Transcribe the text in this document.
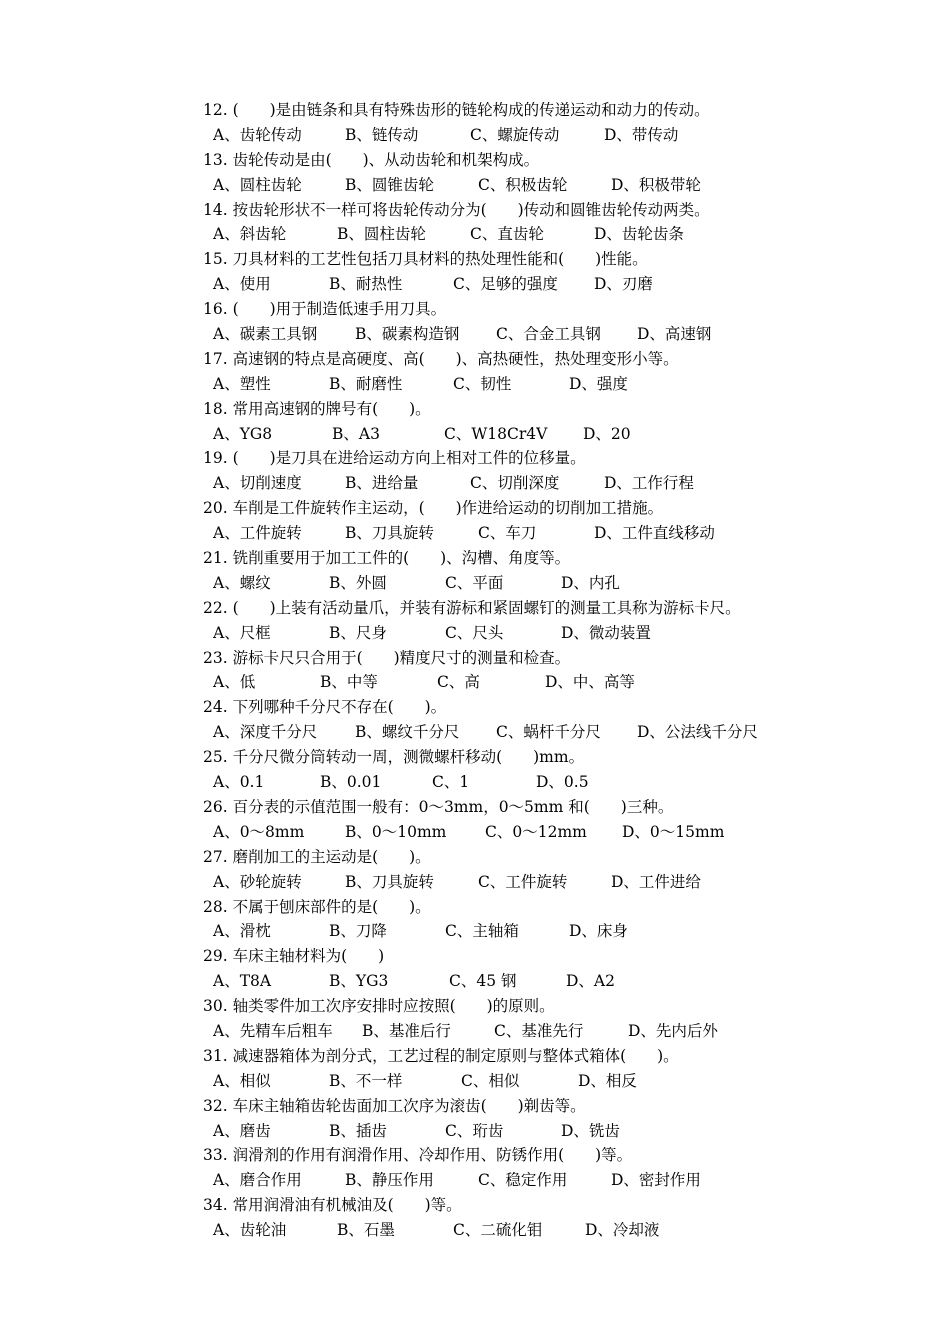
12. (　　)是由链条和具有特殊齿形的链轮构成的传递运动和动力的传动。
A、齿轮传动	B、链传动	C、螺旋传动	D、带传动
13. 齿轮传动是由(　　)、从动齿轮和机架构成。
A、圆柱齿轮	B、圆锥齿轮	C、积极齿轮	D、积极带轮
14. 按齿轮形状不一样可将齿轮传动分为(　　)传动和圆锥齿轮传动两类。
A、斜齿轮	B、圆柱齿轮	C、直齿轮	D、齿轮齿条
15. 刀具材料的工艺性包括刀具材料的热处理性能和(　　)性能。
A、使用	B、耐热性	C、足够的强度 D、刃磨
16. (　　)用于制造低速手用刀具。
A、碳素工具钢 B、碳素构造钢 C、合金工具钢 D、高速钢
17. 高速钢的特点是高硬度、高(　　)、高热硬性，热处理变形小等。
A、塑性	B、耐磨性	C、韧性	D、强度
18. 常用高速钢的牌号有(　　)。
A、YG8	B、A3	C、W18Cr4V D、20
19. (　　)是刀具在进给运动方向上相对工件的位移量。
A、切削速度	B、进给量	C、切削深度	D、工作行程
20. 车削是工件旋转作主运动，(　　)作进给运动的切削加工措施。
A、工件旋转	B、刀具旋转	C、车刀	D、工件直线移动
21. 铣削重要用于加工工件的(　　)、沟槽、角度等。
A、螺纹	B、外圆	C、平面	D、内孔
22. (　　)上装有活动量爪，并装有游标和紧固螺钉的测量工具称为游标卡尺。
A、尺框	B、尺身	C、尺头	D、微动装置
23. 游标卡尺只合用于(　　)精度尺寸的测量和检查。
A、低	B、中等	C、高	D、中、高等
24. 下列哪种千分尺不存在(　　)。
A、深度千分尺 B、螺纹千分尺 C、蜗杆千分尺 D、公法线千分尺
25. 千分尺微分筒转动一周，测微螺杆移动(　　)mm。
A、0.1	B、0.01	C、1	D、0.5
26. 百分表的示值范围一般有：0～3mm，0～5mm 和(　　)三种。
A、0～8mm	B、0～10mm C、0～12mm D、0～15mm
27. 磨削加工的主运动是(　　)。
A、砂轮旋转	B、刀具旋转	C、工件旋转	D、工件进给
28. 不属于刨床部件的是(　　)。
A、滑枕	B、刀降	C、主轴箱	D、床身
29. 车床主轴材料为(　　)
A、T8A	B、YG3	C、45 钢	D、A2
30. 轴类零件加工次序安排时应按照(　　)的原则。
A、先精车后粗车 B、基准后行	C、基准先行	D、先内后外
31. 减速器箱体为剖分式，工艺过程的制定原则与整体式箱体(　　)。
A、相似	B、不一样	C、相似	D、相反
32. 车床主轴箱齿轮齿面加工次序为滚齿(　　)剃齿等。
A、磨齿	B、插齿	C、珩齿	D、铣齿
33. 润滑剂的作用有润滑作用、冷却作用、防锈作用(　　)等。
A、磨合作用	B、静压作用	C、稳定作用	D、密封作用
34. 常用润滑油有机械油及(　　)等。
A、齿轮油	B、石墨	C、二硫化钼	D、冷却液
